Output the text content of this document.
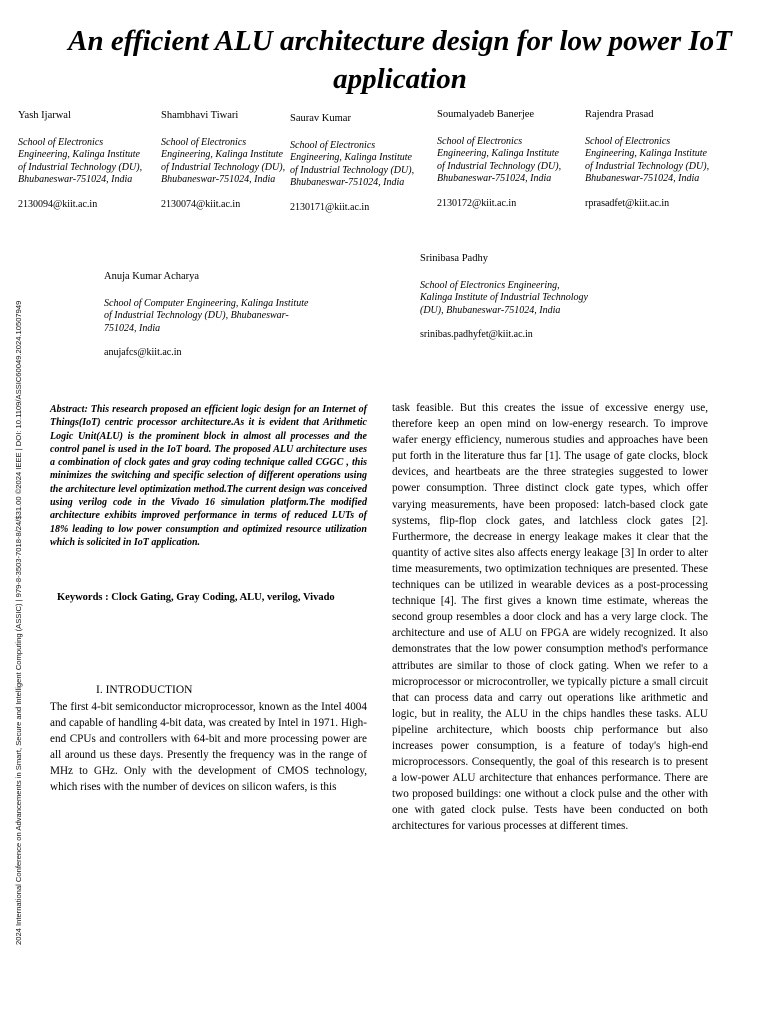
An efficient ALU architecture design for low power IoT application
Yash Ijarwal
School of Electronics Engineering, Kalinga Institute of Industrial Technology (DU), Bhubaneswar-751024, India
2130094@kiit.ac.in
Shambhavi Tiwari
School of Electronics Engineering, Kalinga Institute of Industrial Technology (DU), Bhubaneswar-751024, India
2130074@kiit.ac.in
Saurav Kumar
School of Electronics Engineering, Kalinga Institute of Industrial Technology (DU), Bhubaneswar-751024, India
2130171@kiit.ac.in
Soumalyadeb Banerjee
School of Electronics Engineering, Kalinga Institute of Industrial Technology (DU), Bhubaneswar-751024, India
2130172@kiit.ac.in
Rajendra Prasad
School of Electronics Engineering, Kalinga Institute of Industrial Technology (DU), Bhubaneswar-751024, India
rprasadfet@kiit.ac.in
Anuja Kumar Acharya
School of Computer Engineering, Kalinga Institute of Industrial Technology (DU), Bhubaneswar-751024, India
anujafcs@kiit.ac.in
Srinibasa Padhy
School of Electronics Engineering, Kalinga Institute of Industrial Technology (DU), Bhubaneswar-751024, India
srinibas.padhyfet@kiit.ac.in

Abstract: This research proposed an efficient logic design for an Internet of Things(IoT) centric processor architecture.As it is evident that Arithmetic Logic Unit(ALU) is the prominent block in almost all processes and the control panel is used in the IoT board. The proposed ALU architecture uses a combination of clock gates and gray coding technique called CGGC , this minimizes the switching and specific selection of different operations using the architecture level optimization method.The current design was conceived using verilog code in the Vivado 16 simulation platform.The modified architecture exhibits improved performance in terms of reduced LUTs of 18% leading to low power consumption and optimized resource utilization which is solicited in IoT application.

Keywords : Clock Gating, Gray Coding, ALU, verilog, Vivado

I. INTRODUCTION

The first 4-bit semiconductor microprocessor, known as the Intel 4004 and capable of handling 4-bit data, was created by Intel in 1971. High-end CPUs and controllers with 64-bit and more processing power are all around us these days. Presently the frequency was in the range of MHz to GHz. Only with the development of CMOS technology, which rises with the number of devices on silicon wafers, is this

task feasible. But this creates the issue of excessive energy use, therefore keep an open mind on low-energy research. To improve wafer energy efficiency, numerous studies and approaches have been put forth in the literature thus far [1]. The usage of gate clocks, block devices, and heartbeats are the three strategies suggested to lower power consumption. Three distinct clock gate types, which offer varying measurements, have been proposed: latch-based clock gate systems, flip-flop clock gates, and latchless clock gates [2]. Furthermore, the decrease in energy leakage makes it clear that the quantity of active sites also affects energy leakage [3] In order to alter time measurements, two optimization techniques are presented. These techniques can be utilized in wearable devices as a post-processing technique [4]. The first gives a known time estimate, whereas the second group resembles a door clock and has a very large clock. The architecture and use of ALU on FPGA are widely recognized. It also demonstrates that the low power consumption method's performance attributes are similar to those of clock gating. When we refer to a microprocessor or microcontroller, we typically picture a small circuit that can process data and carry out operations like arithmetic and logic, but in reality, the ALU in the chips handles these tasks. ALU pipeline architecture, which boosts chip performance but also increases power consumption, is a feature of today's high-end microprocessors. Consequently, the goal of this research is to present a low-power ALU architecture that enhances performance. There are two proposed buildings: one without a clock pulse and the other with one with gated clock pulse. Tests have been conducted on both architectures for various processes at different times.

2024 International Conference on Advancements in Smart, Secure and Intelligent Computing (ASSIC) | 979-8-3503-7018-8/24/$31.00 ©2024 IEEE | DOI: 10.1109/ASSIC60049.2024.10507949
